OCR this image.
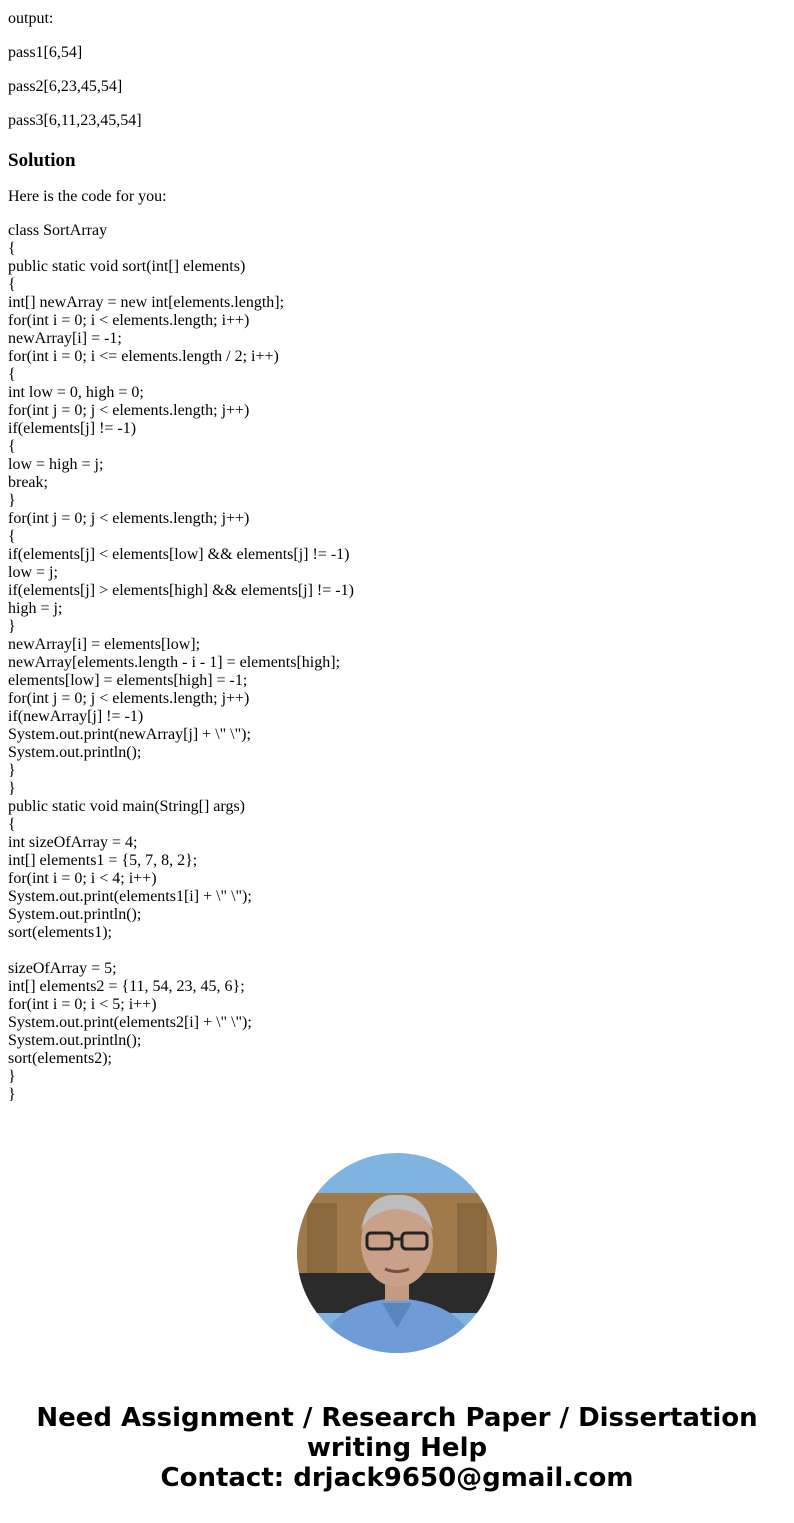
output:
pass1[6,54]
pass2[6,23,45,54]
pass3[6,11,23,45,54]
Solution
Here is the code for you:
class SortArray
{
public static void sort(int[] elements)
{
int[] newArray = new int[elements.length];
for(int i = 0; i < elements.length; i++)
newArray[i] = -1;
for(int i = 0; i <= elements.length / 2; i++)
{
int low = 0, high = 0;
for(int j = 0; j < elements.length; j++)
if(elements[j] != -1)
{
low = high = j;
break;
}
for(int j = 0; j < elements.length; j++)
{
if(elements[j] < elements[low] && elements[j] != -1)
low = j;
if(elements[j] > elements[high] && elements[j] != -1)
high = j;
}
newArray[i] = elements[low];
newArray[elements.length - i - 1] = elements[high];
elements[low] = elements[high] = -1;
for(int j = 0; j < elements.length; j++)
if(newArray[j] != -1)
System.out.print(newArray[j] + \" \");
System.out.println();
}
}
public static void main(String[] args)
{
int sizeOfArray = 4;
int[] elements1 = {5, 7, 8, 2};
for(int i = 0; i < 4; i++)
System.out.print(elements1[i] + \" \");
System.out.println();
sort(elements1);
sizeOfArray = 5;
int[] elements2 = {11, 54, 23, 45, 6};
for(int i = 0; i < 5; i++)
System.out.print(elements2[i] + \" \");
System.out.println();
sort(elements2);
}
}
Need Assignment / Research Paper / Dissertation
writing Help
Contact: drjack9650@gmail.com
